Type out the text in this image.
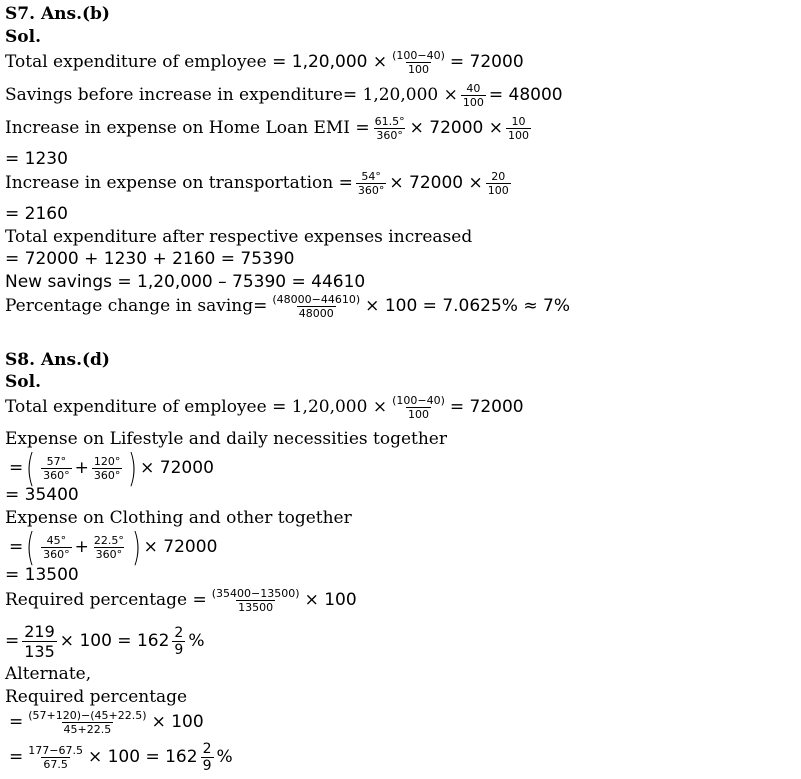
S7. Ans.(b)
Sol.
Total expenditure of employee =
$1,20,000 \times \frac{(100-40)}{100} = 72000$
Savings before increase in expenditure= $1,20,000 \times \frac{40}{100} = 48000$
Increase in expense on Home Loan EMI = $\frac{61.5^\circ}{360^\circ} \times 72000 \times \frac{10}{100}$
= 1230
Increase in expense on transportation = $\frac{54^\circ}{360^\circ} \times 72000 \times \frac{20}{100}$
= 2160
Total expenditure after respective expenses increased
= 72000 + 1230 + 2160 = 75390
New savings = 1,20,000 – 75390 = 44610
Percentage change in saving= $\frac{(48000-44610)}{48000} \times 100 = 7.0625\% \approx 7\%$
S8. Ans.(d)
Sol.
Total expenditure of employee = $1,20,000 \times \frac{(100-40)}{100} = 72000$
Expense on Lifestyle and daily necessities together
= ( $\frac{57^\circ}{360^\circ} + \frac{120^\circ}{360^\circ}$ ) × 72000
= 35400
Expense on Clothing and other together
= ( $\frac{45^\circ}{360^\circ} + \frac{22.5^\circ}{360^\circ}$ ) × 72000
= 13500
Required percentage = $\frac{(35400-13500)}{13500} \times 100$
= $\frac{219}{135} \times 100 = 162 \frac{2}{9}$ %
Alternate,
Required percentage
= $\frac{(57+120)-(45+22.5)}{45+22.5} \times 100$
= $\frac{177-67.5}{67.5} \times 100 = 162 \frac{2}{9}$ %
